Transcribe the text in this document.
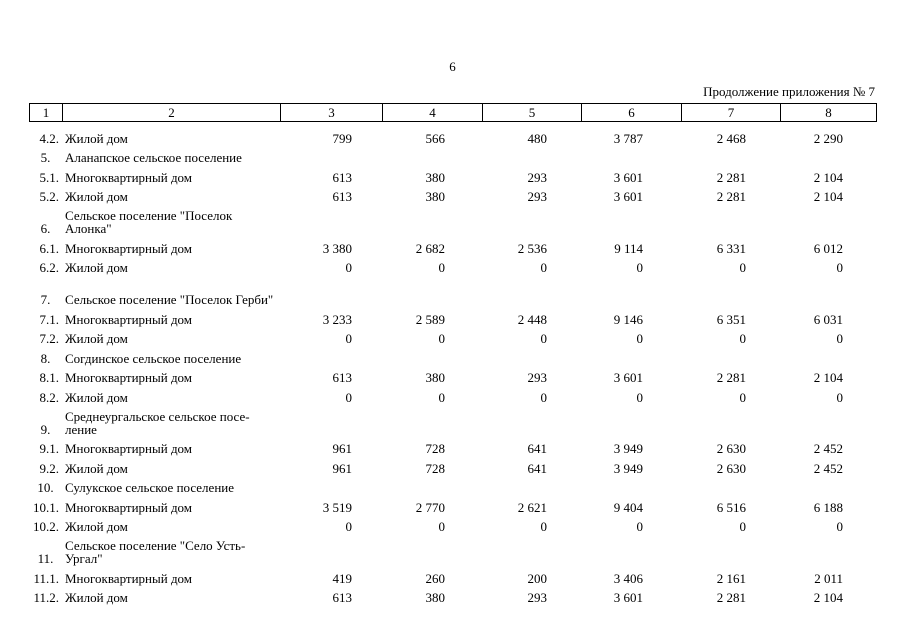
6
Продолжение приложения № 7
1	2	3	4	5	6	7	8
4.2.	Жилой дом	799	566	480	3 787	2 468	2 290
5.	Аланапское сельское поселение						
5.1.	Многоквартирный дом	613	380	293	3 601	2 281	2 104
5.2.	Жилой дом	613	380	293	3 601	2 281	2 104
6.	Сельское поселение "Поселок Алонка"						
6.1.	Многоквартирный дом	3 380	2 682	2 536	9 114	6 331	6 012
6.2.	Жилой дом	0	0	0	0	0	0
7.	Сельское поселение "Поселок Герби"						
7.1.	Многоквартирный дом	3 233	2 589	2 448	9 146	6 351	6 031
7.2.	Жилой дом	0	0	0	0	0	0
8.	Согдинское сельское поселение						
8.1.	Многоквартирный дом	613	380	293	3 601	2 281	2 104
8.2.	Жилой дом	0	0	0	0	0	0
9.	Среднеургальское сельское посе-ление						
9.1.	Многоквартирный дом	961	728	641	3 949	2 630	2 452
9.2.	Жилой дом	961	728	641	3 949	2 630	2 452
10.	Сулукское сельское поселение						
10.1.	Многоквартирный дом	3 519	2 770	2 621	9 404	6 516	6 188
10.2.	Жилой дом	0	0	0	0	0	0
11.	Сельское поселение "Село Усть-Ургал"						
11.1.	Многоквартирный дом	419	260	200	3 406	2 161	2 011
11.2.	Жилой дом	613	380	293	3 601	2 281	2 104
